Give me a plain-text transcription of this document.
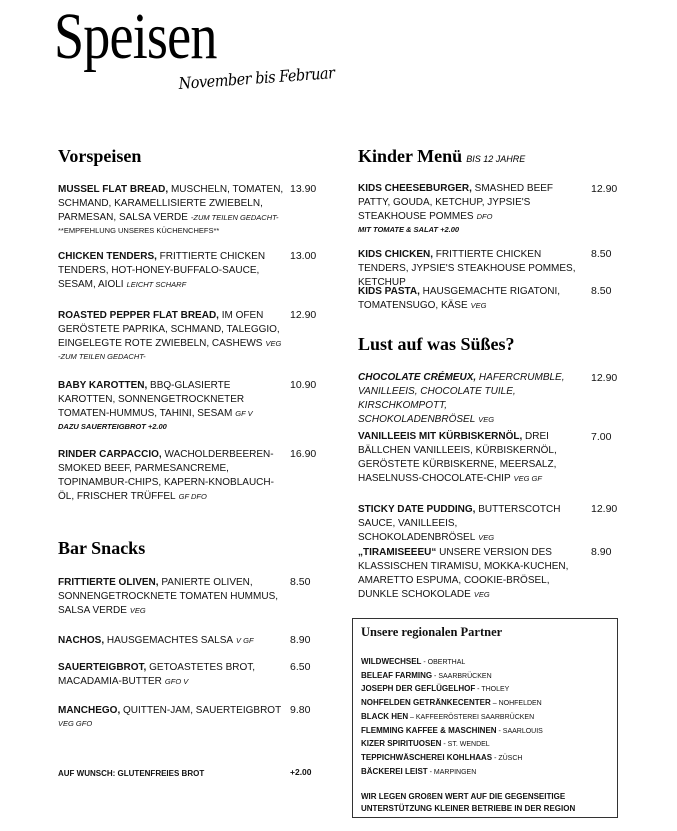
Speisen
November bis Februar
Vorspeisen
MUSSEL FLAT BREAD, MUSCHELN, TOMATEN, SCHMAND, KARAMELLISIERTE ZWIEBELN, PARMESAN, SALSA VERDE -ZUM TEILEN GEDACHT-
**EMPFEHLUNG UNSERES KÜCHENCHEFS**
13.90
CHICKEN TENDERS, FRITTIERTE CHICKEN TENDERS, HOT-HONEY-BUFFALO-SAUCE, SESAM, AIOLI LEICHT SCHARF
13.00
ROASTED PEPPER FLAT BREAD, IM OFEN GERÖSTETE PAPRIKA, SCHMAND, TALEGGIO, EINGELEGTE ROTE ZWIEBELN, CASHEWS VEG
-ZUM TEILEN GEDACHT-
12.90
BABY KAROTTEN, BBQ-GLASIERTE KAROTTEN, SONNENGETROCKNETER TOMATEN-HUMMUS, TAHINI, SESAM GF V
DAZU SAUERTEIGBROT +2.00
10.90
RINDER CARPACCIO, WACHOLDERBEEREN-SMOKED BEEF, PARMESANCREME, TOPINAMBUR-CHIPS, KAPERN-KNOBLAUCH-ÖL, FRISCHER TRÜFFEL GF DFO
16.90
Bar Snacks
FRITTIERTE OLIVEN, PANIERTE OLIVEN, SONNENGETROCKNETE TOMATEN HUMMUS, SALSA VERDE VEG
8.50
NACHOS, HAUSGEMACHTES SALSA V GF	8.90
SAUERTEIGBROT, GETOASTETES BROT, MACADAMIA-BUTTER GFO V
6.50
MANCHEGO, QUITTEN-JAM, SAUERTEIGBROT
VEG GFO
9.80
AUF WUNSCH: GLUTENFREIES BROT	+2.00
Kinder Menü BIS 12 JAHRE
KIDS CHEESEBURGER, SMASHED BEEF PATTY, GOUDA, KETCHUP, JYPSIE'S STEAKHOUSE POMMES DFO
MIT TOMATE & SALAT +2.00
12.90
KIDS CHICKEN, FRITTIERTE CHICKEN TENDERS, JYPSIE'S STEAKHOUSE POMMES, KETCHUP
8.50
KIDS PASTA, HAUSGEMACHTE RIGATONI, TOMATENSUGO, KÄSE VEG
8.50
Lust auf was Süßes?
CHOCOLATE CRÉMEUX, HAFERCRUMBLE, VANILLEEIS, CHOCOLATE TUILE, KIRSCHKOMPOTT, SCHOKOLADENBRÖSEL VEG
12.90
VANILLEEIS MIT KÜRBISKERNÖL, DREI BÄLLCHEN VANILLEEIS, KÜRBISKERNÖL, GERÖSTETE KÜRBISKERNE, MEERSALZ, HASELNUSS-CHOCOLATE-CHIP VEG GF
7.00
STICKY DATE PUDDING, BUTTERSCOTCH SAUCE, VANILLEEIS, SCHOKOLADENBRÖSEL VEG
12.90
„TIRAMISEEEU“ UNSERE VERSION DES KLASSISCHEN TIRAMISU, MOKKA-KUCHEN, AMARETTO ESPUMA, COOKIE-BRÖSEL, DUNKLE SCHOKOLADE VEG
8.90
Unsere regionalen Partner
WILDWECHSEL - OBERTHAL
BELEAF FARMING - SAARBRÜCKEN
JOSEPH DER GEFLÜGELHOF - THOLEY
NOHFELDEN GETRÄNKECENTER – NOHFELDEN
BLACK HEN – KAFFEERÖSTEREI SAARBRÜCKEN
FLEMMING KAFFEE & MASCHINEN - SAARLOUIS
KIZER SPIRITUOSEN - ST. WENDEL
TEPPICHWÄSCHEREI KOHLHAAS - ZÜSCH
BÄCKEREI LEIST - MARPINGEN
WIR LEGEN GROßEN WERT AUF DIE GEGENSEITIGE UNTERSTÜTZUNG KLEINER BETRIEBE IN DER REGION
